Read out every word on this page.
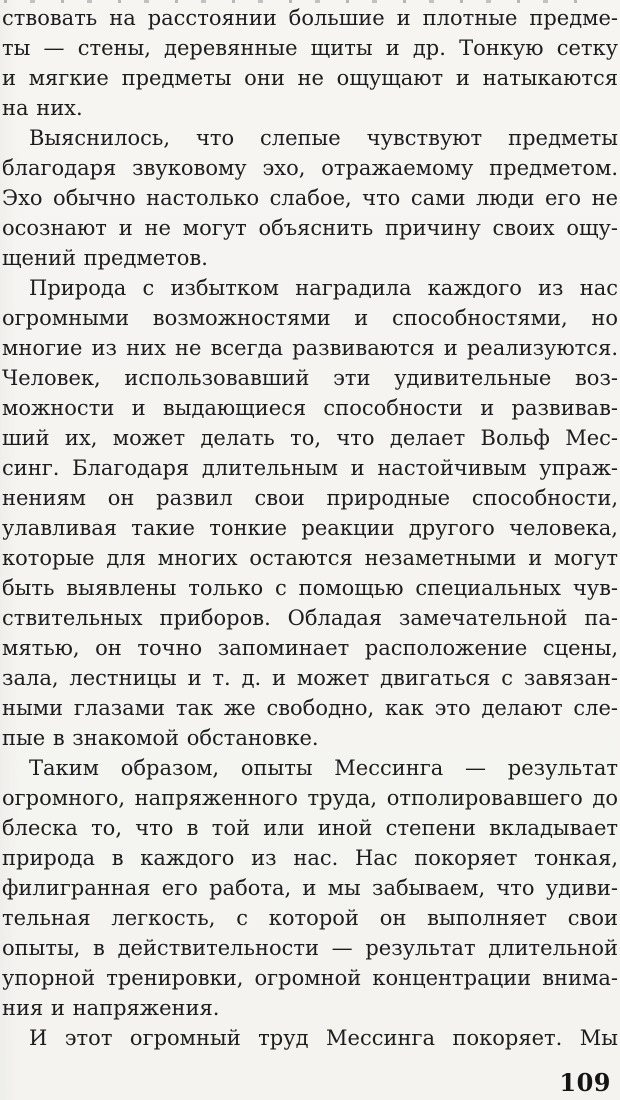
ствовать на расстоянии большие и плотные предме-
ты — стены, деревянные щиты и др. Тонкую сетку
и мягкие предметы они не ощущают и натыкаются
на них.
Выяснилось, что слепые чувствуют предметы
благодаря звуковому эхо, отражаемому предметом.
Эхо обычно настолько слабое, что сами люди его не
осознают и не могут объяснить причину своих ощу-
щений предметов.
Природа с избытком наградила каждого из нас
огромными возможностями и способностями, но
многие из них не всегда развиваются и реализуются.
Человек, использовавший эти удивительные воз-
можности и выдающиеся способности и развивав-
ший их, может делать то, что делает Вольф Мес-
синг. Благодаря длительным и настойчивым упраж-
нениям он развил свои природные способности,
улавливая такие тонкие реакции другого человека,
которые для многих остаются незаметными и могут
быть выявлены только с помощью специальных чув-
ствительных приборов. Обладая замечательной па-
мятью, он точно запоминает расположение сцены,
зала, лестницы и т. д. и может двигаться с завязан-
ными глазами так же свободно, как это делают сле-
пые в знакомой обстановке.
Таким образом, опыты Мессинга — результат
огромного, напряженного труда, отполировавшего до
блеска то, что в той или иной степени вкладывает
природа в каждого из нас. Нас покоряет тонкая,
филигранная его работа, и мы забываем, что удиви-
тельная легкость, с которой он выполняет свои
опыты, в действительности — результат длительной
упорной тренировки, огромной концентрации внима-
ния и напряжения.
И этот огромный труд Мессинга покоряет. Мы
109
